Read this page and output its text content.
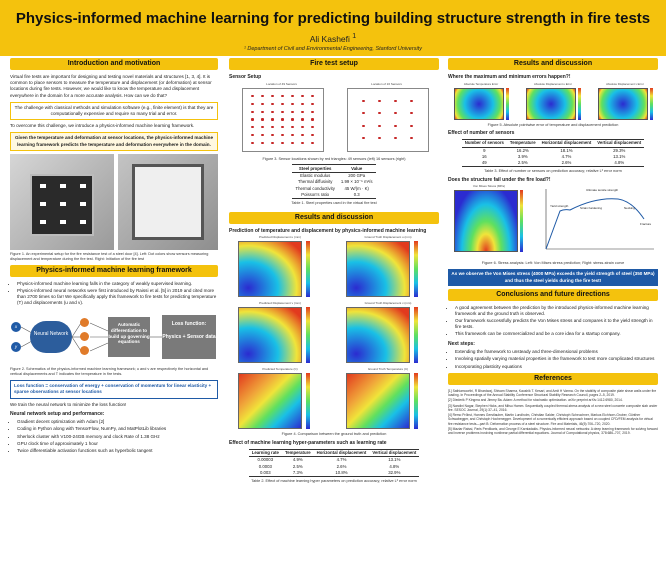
Physics-informed machine learning for predicting building structure strength in fire tests
Ali Kashefi $^1$
¹ Department of Civil and Environmental Engineering, Stanford University
Introduction and motivation

Virtual fire tests are important for designing and testing novel materials and structures [1, 3, 4]. It is common to place sensors to measure the temperature and displacement (or deformation) at sensor locations during fire tests. However, we would like to know the temperature and displacement everywhere in the domain for a more accurate analysis. How can we do that?

The challenge with classical methods and simulation software (e.g., finite element) is that they are computationally expensive and require so many trial and error.

To overcome this challenge, we introduce a physics-informed machine learning framework.

Given the temperature and deformation at sensor locations, the physics-informed machine learning framework predicts the temperature and deformation everywhere in the domain.
Figure 1. An experimental setup for the fire resistance test of a steel door [4]. Left: Dot colors show sensors measuring displacement and temperature during the fire test. Right: Initiation of the fire test
Physics-informed machine learning framework
• Physics-informed machine learning falls in the category of weakly supervised learning.
• Physics-informed neural networks were first introduced by Raissi et al. [5] in 2019 and cited more than 2700 times so far! We specifically apply this framework to fire tests for predicting temperature (T) and displacements (u and v).
x
y
Neural Network
Automatic differentiation to build up governing equations
Loss function:
Physics + Sensor data
Figure 2. Schematics of the physics-informed machine learning framework; u and v are respectively the horizontal and vertical displacements and T indicates the temperature in fire tests.
Loss function = conservation of energy + conservation of momentum for linear elasticity + sparse observations at sensor locations

We train the neural network to minimize the loss function!

Neural network setup and performance:
• Gradient decent optimization with Adam [2]
• Coding in Python along with TensorFlow, NumPy, and MatPlotLib libraries
• Sherlock cluster with V100-24GB memory and clock Rate of 1.38 GHz
• GPU clock time of approximately 1 hour
• Twice differentiable activation functions such as hyperbolic tangent
Fire test setup
Sensor Setup
Location of 49 Sensors	Location of 16 Sensors
Figure 3. Sensor locations shown by red triangles: 49 sensors (left) 16 sensors (right)
Steel properties	Value
Elastic modulus	200 GPa
Thermal diffusivity	1.99 × 10⁻⁵ m²/s
Thermal conductivity	45 W/(m · K)
Poisson's ratio	0.3
Table 1. Steel properties used in the virtual fire test
Results and discussion
Prediction of temperature and displacement by physics-informed machine learning
Predicted Displacement u (mm)	Ground Truth Displacement u (mm)
Predicted Displacement v (mm)	Ground Truth Displacement v (mm)
Predicted Temperature (C)	Ground Truth Temperature (C)
Figure 4. Comparison between the ground truth and prediction
Effect of machine learning hyper-parameters such as learning rate
Learning rate	Temperature	Horizontal displacement	Vertical displacement
0.00003	4.9%	4.7%	13.1%
0.0003	2.5%	2.6%	4.8%
0.003	7.3%	10.8%	32.9%
Table 2. Effect of machine learning hyper parameters on prediction accuracy; relative L² error norm
Results and discussion
Where the maximum and minimum errors happen?!
Absolute Temperature Error	Absolute Displacement u Error	Absolute Displacement v Error
Figure 5. Absolute pointwise error of temperature and displacement prediction
Effect of number of sensors
Number of sensors	Temperature	Horizontal displacement	Vertical displacement
9	16.2%	18.1%	29.3%
16	3.9%	4.7%	13.1%
49	2.5%	2.6%	4.8%
Table 3. Effect of number or sensors on prediction accuracy; relative L² error norm
Does the structure fail under the fire load?!
Von Mises Stress (MPa)
Yield strength
Ultimate tensile strength
Strain hardening	Necking
Fracture
Figure 6. Stress analysis: Left: Von Mises stress prediction; Right: stress-strain curve
As we observe the Von Mises stress (4000 MPa) exceeds the yield strength of steel (350 MPa) and thus the steel yields during the fire test!
Conclusions and future directions
• A good agreement between the prediction by the introduced physics-informed machine learning framework and the ground truth is observed.
• Our framework successfully predicts the Von Mises stress and compares it to the yield strength in fire tests.
• This framework can be commercialized and be a core idea for a startup company.
Next steps:
• Extending the framework to unsteady and three-dimensional problems
• Involving spatially varying material properties in the framework to test more complicated structures
• Incorporating plasticity equations
References
[1] Sathiamoorthi, R Bhardwaj, Shivam Sharma, Kaushik T. Kesari, and Amit H Varma. On the stability of composite plate shear walls under fire loading. In Proceedings of the Annual Stability Conference Structural Stability Research Council, pages 2–5, 2019.
[2] Diederik P Kingma and Jimmy Ba. Adam: A method for stochastic optimization. arXiv preprint arXiv:1412.6980, 2014.
[3] Nandini Nagar, Stephen Hicks, and Mitsu Hamm. Sequentially coupled thermal-stress analysis of a new steel concrete composite slab under fire. SESOC Journal, 29(1):37–41, 2016.
[4] Remo Pröbst, Hannes Gerstlauber, Martin Lundholm, Christian Salder, Christoph Scheuchner, Markus Eichhorn-Gruber, Günther Schwabegger, and Christoph Hochenegger. Development of a numerically efficient approach based on coupled CFD/FEM analysis for virtual fire resistance tests—part B: Deformation process of a steel structure. Fire and Materials, 46(5):706–720, 2020.
[5] Maziar Raissi, Paris Perdikaris, and George E Karniadakis. Physics-informed neural networks: A deep learning framework for solving forward and inverse problems involving nonlinear partial differential equations. Journal of Computational physics, 378:686–707, 2019.
